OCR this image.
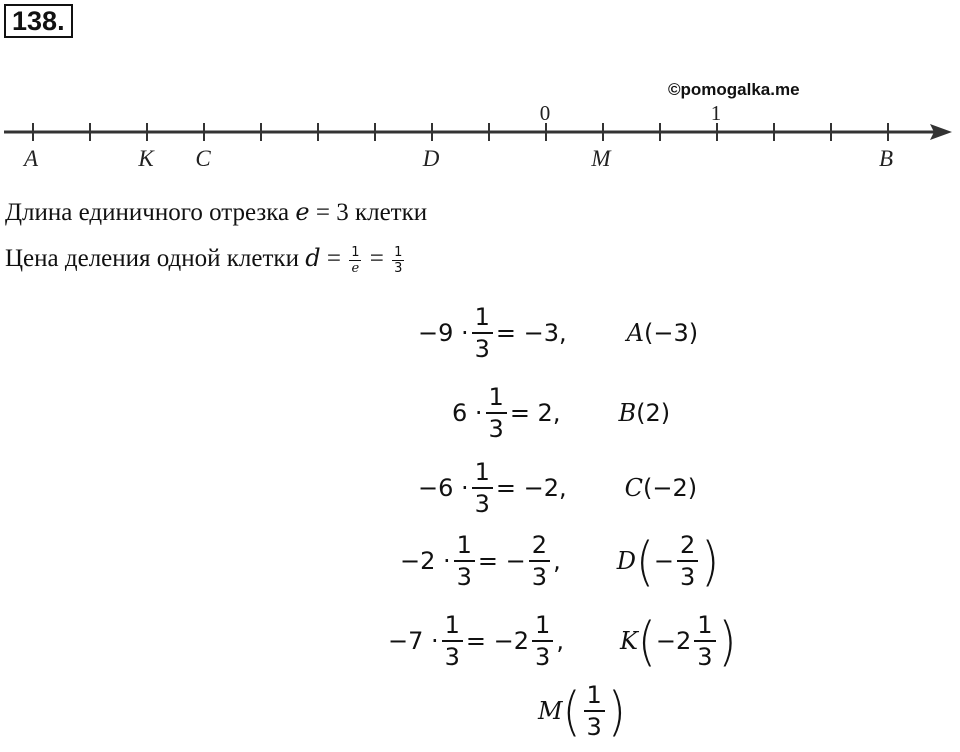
138 .
©pomogalka.me
0	1
A	K C	D	M	B
Длина единичного отрезка e = 3 клетки
Цена деления одной клетки $d = \frac{1}{e} = \frac{1}{3}$
$-9 \cdot \frac{1}{3} = -3$,	A (−3)
$6 \cdot \frac{1}{3} = 2$, B (2)
$-6 \cdot \frac{1}{3} = -2$, C (−2)
$-2 \cdot \frac{1}{3}$ = − $\frac{2}{3}$ , D ( − $\frac{2}{3}$ )
$-7 \cdot \frac{1}{3} = -2 \frac{1}{3}$ , K ( $-2 \frac{1}{3}$ )
M ( $\frac{1}{3}$ )
